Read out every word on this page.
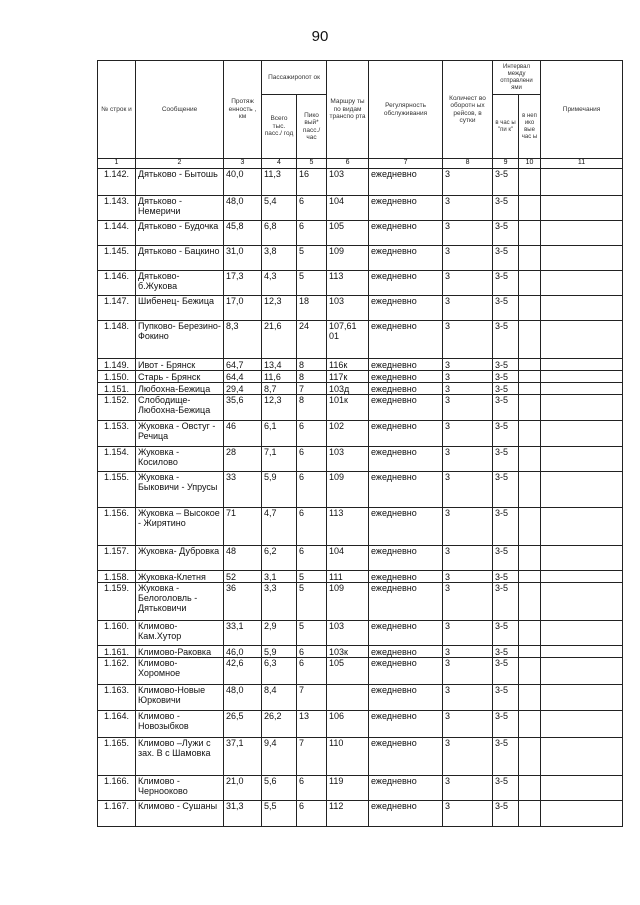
90
№ строк и	Сообщение	Протяж енность , км	Пассажиропот ок		Маршру ты по видам транспо рта	Регулярность обслуживания	Количест во оборотн ых рейсов, в сутки	Интервал между отправлени ями		Примечания
			Всего тыс. пасс./ год	Пико вый* пасс./ час				в час ы "пи к"	в неп ико вые час ы	
1	2	3	4	5	6	7	8	9	10	11
1.142.	Дятьково - Бытошь	40,0	11,3	16	103	ежедневно	3	3-5		
1.143.	Дятьково - Немеричи	48,0	5,4	6	104	ежедневно	3	3-5		
1.144.	Дятьково - Будочка	45,8	6,8	6	105	ежедневно	3	3-5		
1.145.	Дятьково - Бацкино	31,0	3,8	5	109	ежедневно	3	3-5		
1.146.	Дятьково- б.Жукова	17,3	4,3	5	113	ежедневно	3	3-5		
1.147.	Шибенец- Бежица	17,0	12,3	18	103	ежедневно	3	3-5		
1.148.	Пупково- Березино- Фокино	8,3	21,6	24	107,61 01	ежедневно	3	3-5		
1.149.	Ивот - Брянск	64,7	13,4	8	116к	ежедневно	3	3-5		
1.150.	Старь - Брянск	64,4	11,6	8	117к	ежедневно	3	3-5		
1.151.	Любохна-Бежица	29,4	8,7	7	103д	ежедневно	3	3-5		
1.152.	Слободище- Любохна-Бежица	35,6	12,3	8	101к	ежедневно	3	3-5		
1.153.	Жуковка - Овстуг - Речица	46	6,1	6	102	ежедневно	3	3-5		
1.154.	Жуковка - Косилово	28	7,1	6	103	ежедневно	3	3-5		
1.155.	Жуковка - Быковичи - Упрусы	33	5,9	6	109	ежедневно	3	3-5		
1.156.	Жуковка – Высокое - Жирятино	71	4,7	6	113	ежедневно	3	3-5		
1.157.	Жуковка- Дубровка	48	6,2	6	104	ежедневно	3	3-5		
1.158.	Жуковка-Клетня	52	3,1	5	111	ежедневно	3	3-5		
1.159.	Жуковка - Белоголовль - Дятьковичи	36	3,3	5	109	ежедневно	3	3-5		
1.160.	Климово- Кам.Хутор	33,1	2,9	5	103	ежедневно	3	3-5		
1.161.	Климово-Раковка	46,0	5,9	6	103к	ежедневно	3	3-5		
1.162.	Климово- Хоромное	42,6	6,3	6	105	ежедневно	3	3-5		
1.163.	Климово-Новые Юрковичи	48,0	8,4	7		ежедневно	3	3-5		
1.164.	Климово - Новозыбков	26,5	26,2	13	106	ежедневно	3	3-5		
1.165.	Климово –Лужи с зах. В с Шамовка	37,1	9,4	7	110	ежедневно	3	3-5		
1.166.	Климово - Чернооково	21,0	5,6	6	119	ежедневно	3	3-5		
1.167.	Климово - Сушаны	31,3	5,5	6	112	ежедневно	3	3-5		
